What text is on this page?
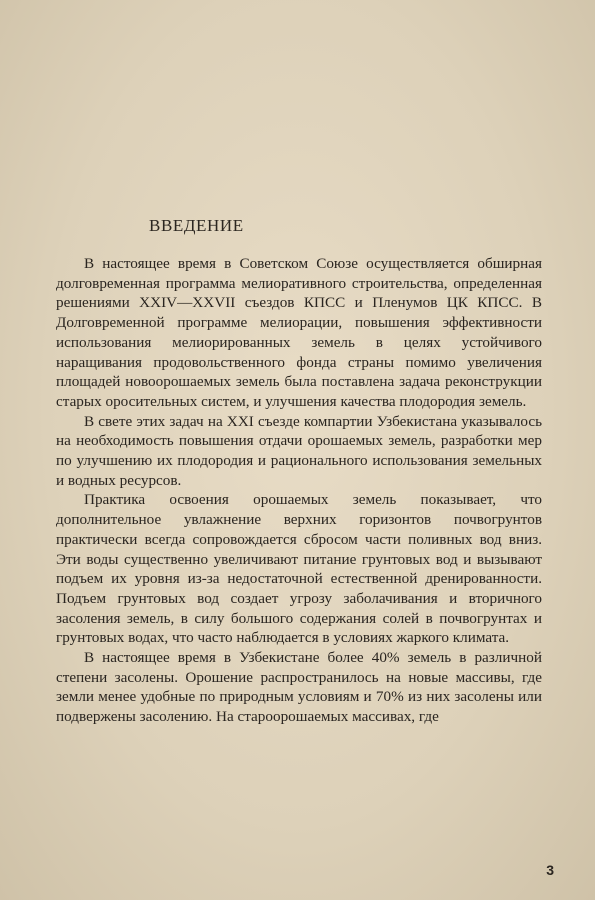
ВВЕДЕНИЕ

В настоящее время в Советском Союзе осуществляется обширная долговременная программа мелиоративного строительства, определенная решениями XXIV—XXVII съездов КПСС и Пленумов ЦК КПСС. В Долговременной программе мелиорации, повышения эффективности использования мелиорированных земель в целях устойчивого наращивания продовольственного фонда страны помимо увеличения площадей новоорошаемых земель была поставлена задача реконструкции старых оросительных систем, и улучшения качества плодородия земель.

В свете этих задач на XXI съезде компартии Узбекистана указывалось на необходимость повышения отдачи орошаемых земель, разработки мер по улучшению их плодородия и рационального использования земельных и водных ресурсов.

Практика освоения орошаемых земель показывает, что дополнительное увлажнение верхних горизонтов почвогрунтов практически всегда сопровождается сбросом части поливных вод вниз. Эти воды существенно увеличивают питание грунтовых вод и вызывают подъем их уровня из-за недостаточной естественной дренированности. Подъем грунтовых вод создает угрозу заболачивания и вторичного засоления земель, в силу большого содержания солей в почвогрунтах и грунтовых водах, что часто наблюдается в условиях жаркого климата.

В настоящее время в Узбекистане более 40% земель в различной степени засолены. Орошение распространилось на новые массивы, где земли менее удобные по природным условиям и 70% из них засолены или подвержены засолению. На староорошаемых массивах, где

3
